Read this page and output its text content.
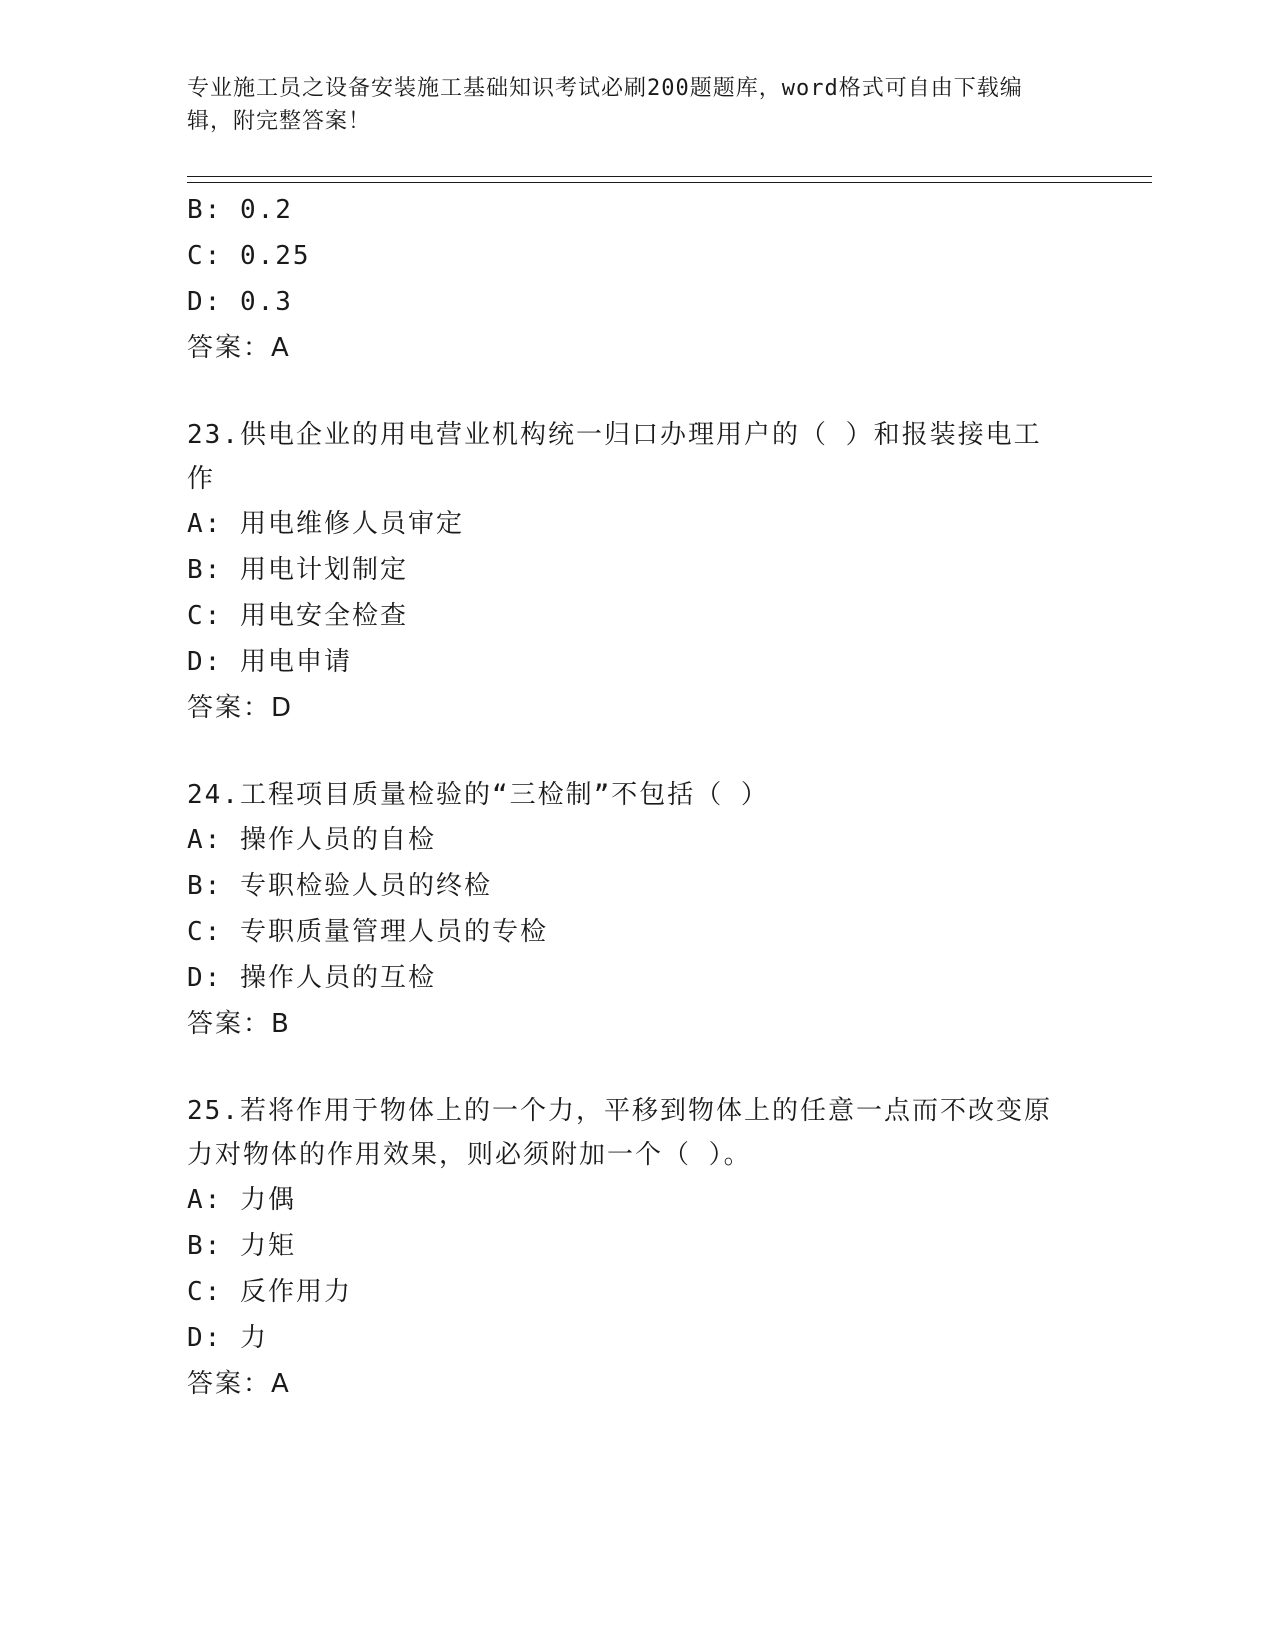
专业施工员之设备安装施工基础知识考试必刷200题题库，word格式可自由下载编辑，附完整答案！
B: 0.2
C: 0.25
D: 0.3
答案：A
23.供电企业的用电营业机构统一归口办理用户的（ ）和报装接电工作
A: 用电维修人员审定
B: 用电计划制定
C: 用电安全检查
D: 用电申请
答案：D
24.工程项目质量检验的“三检制”不包括（ ）
A: 操作人员的自检
B: 专职检验人员的终检
C: 专职质量管理人员的专检
D: 操作人员的互检
答案：B
25.若将作用于物体上的一个力，平移到物体上的任意一点而不改变原力对物体的作用效果，则必须附加一个（ ）。
A: 力偶
B: 力矩
C: 反作用力
D: 力
答案：A
